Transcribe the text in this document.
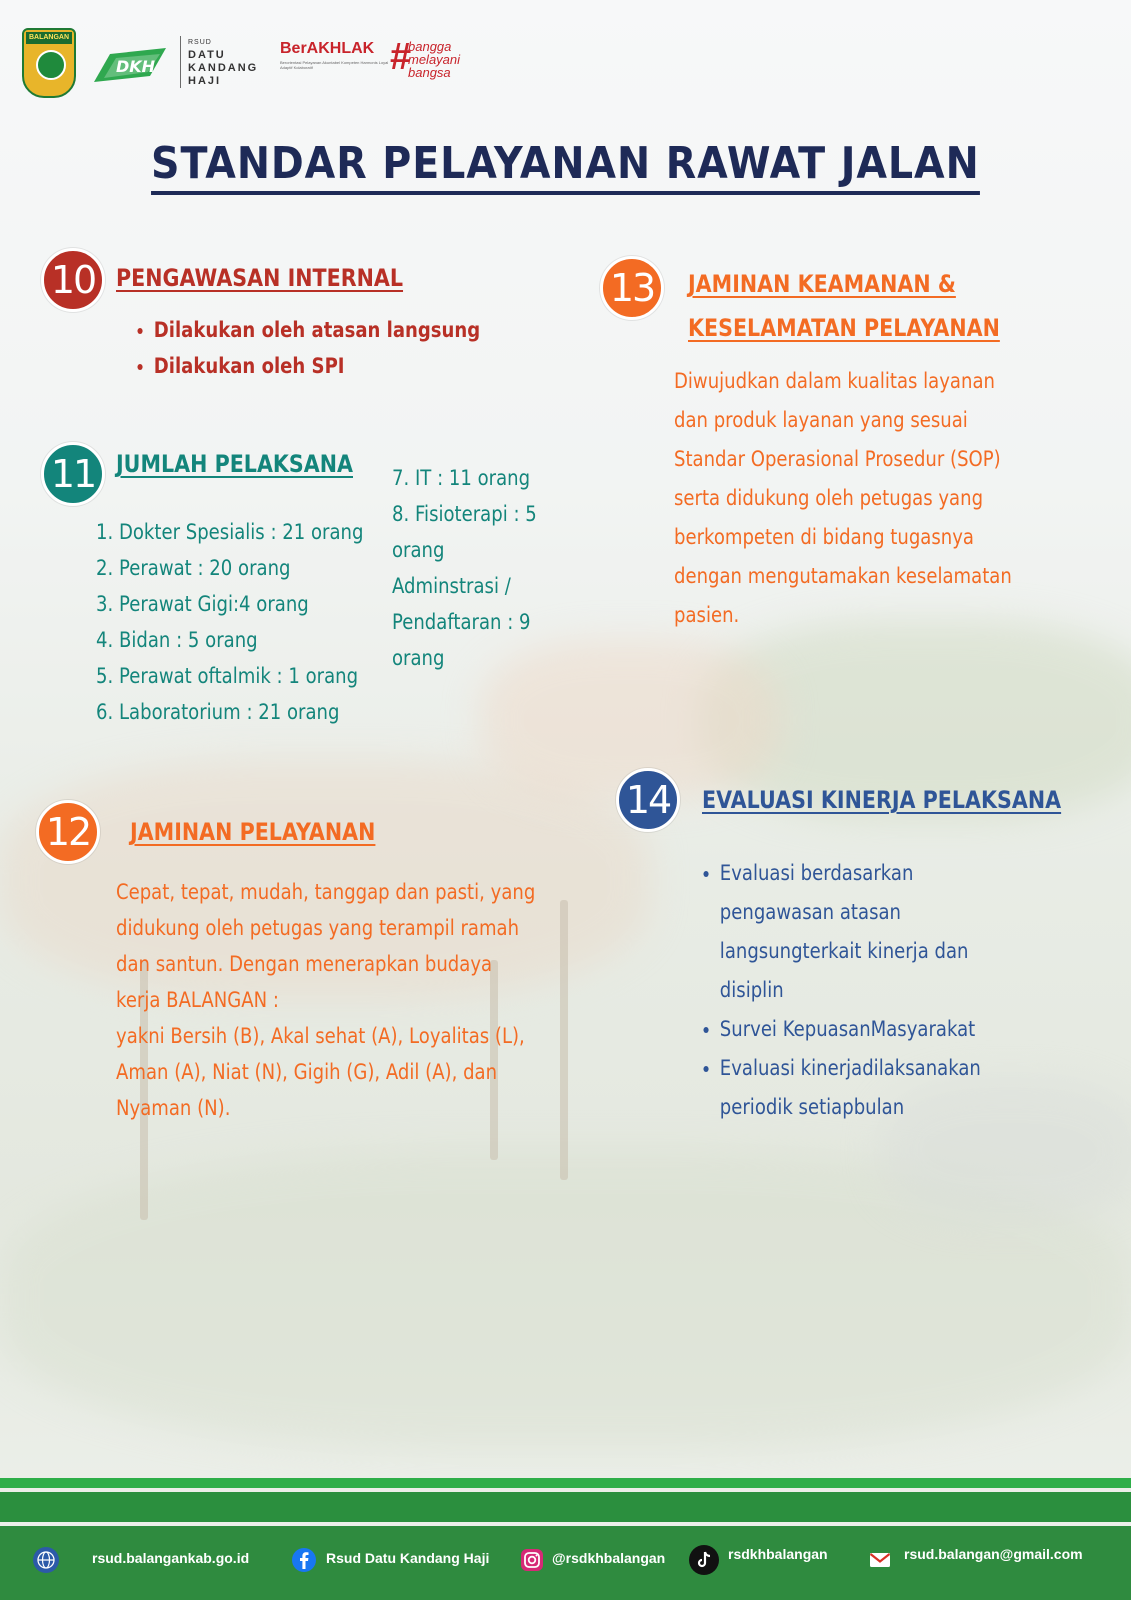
BALANGAN
DKH
RSUD
DATU
KANDANG
HAJI
BerAKHLAK
Berorientasi Pelayanan Akuntabel Kompeten Harmonis Loyal Adaptif Kolaboratif	#
bangga
melayani
bangsa
STANDAR PELAYANAN RAWAT JALAN
10 PENGAWASAN INTERNAL
• Dilakukan oleh atasan langsung
• Dilakukan oleh SPI
11 JUMLAH PELAKSANA
1. Dokter Spesialis : 21 orang
2. Perawat : 20 orang
3. Perawat Gigi:4 orang
4. Bidan : 5 orang
5. Perawat oftalmik : 1 orang
6. Laboratorium : 21 orang
7. IT : 11 orang
8. Fisioterapi : 5
orang
Adminstrasi /
Pendaftaran : 9
orang
12	JAMINAN PELAYANAN
Cepat, tepat, mudah, tanggap dan pasti, yang
didukung oleh petugas yang terampil ramah
dan santun. Dengan menerapkan budaya
kerja BALANGAN :
yakni Bersih (B), Akal sehat (A), Loyalitas (L),
Aman (A), Niat (N), Gigih (G), Adil (A), dan
Nyaman (N).
13	JAMINAN KEAMANAN &
KESELAMATAN PELAYANAN
Diwujudkan dalam kualitas layanan
dan produk layanan yang sesuai
Standar Operasional Prosedur (SOP)
serta didukung oleh petugas yang
berkompeten di bidang tugasnya
dengan mengutamakan keselamatan
pasien.
14	EVALUASI KINERJA PELAKSANA
• Evaluasi berdasarkan
pengawasan atasan
langsungterkait kinerja dan
disiplin
• Survei KepuasanMasyarakat
• Evaluasi kinerjadilaksanakan
periodik setiapbulan
rsud.balangankab.go.id	Rsud Datu Kandang Haji	@rsdkhbalangan	rsdkhbalangan	rsud.balangan@gmail.com
